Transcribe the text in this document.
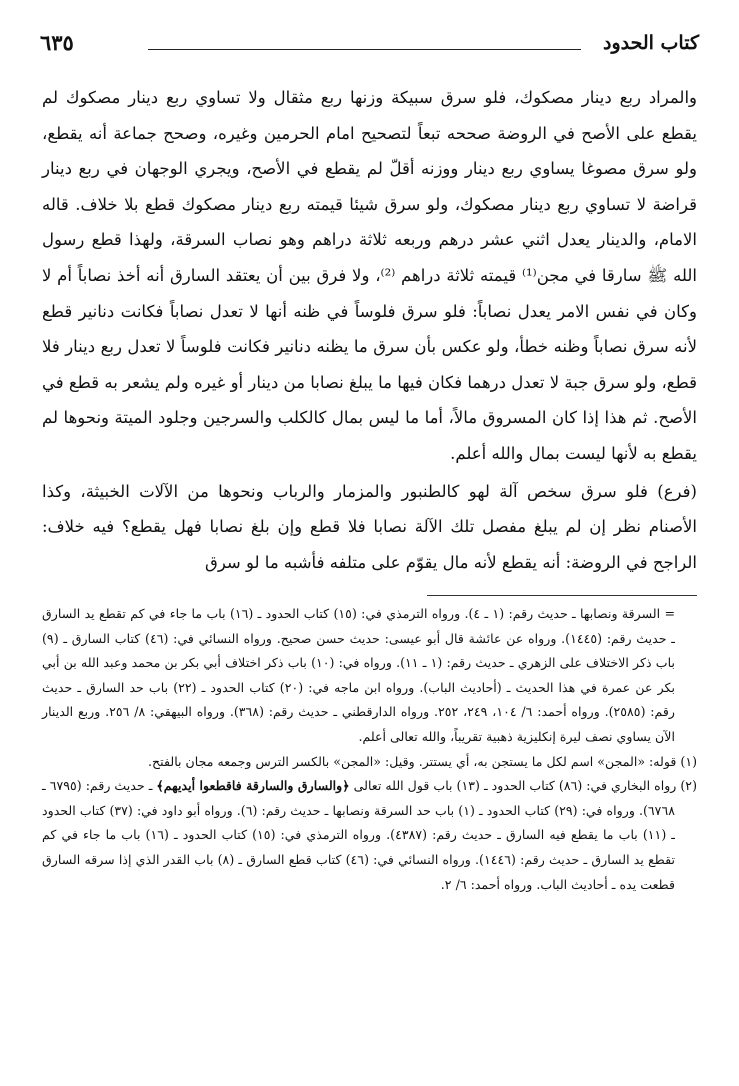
كتاب الحدود
٦٣٥

والمراد ربع دينار مصكوك، فلو سرق سبيكة وزنها ربع مثقال ولا تساوي ربع دينار مصكوك لم يقطع على الأصح في الروضة صححه تبعاً لتصحيح امام الحرمين وغيره، وصحح جماعة أنه يقطع، ولو سرق مصوغا يساوي ربع دينار ووزنه أقلّ لم يقطع في الأصح، ويجري الوجهان في ربع دينار قراضة لا تساوي ربع دينار مصكوك، ولو سرق شيئا قيمته ربع دينار مصكوك قطع بلا خلاف. قاله الامام، والدينار يعدل اثني عشر درهم وربعه ثلاثة دراهم وهو نصاب السرقة، ولهذا قطع رسول الله ﷺ سارقا في مجن⁽¹⁾ قيمته ثلاثة دراهم ⁽²⁾، ولا فرق بين أن يعتقد السارق أنه أخذ نصاباً أم لا وكان في نفس الامر يعدل نصاباً: فلو سرق فلوساً في ظنه أنها لا تعدل نصاباً فكانت دنانير قطع لأنه سرق نصاباً وظنه خطأ، ولو عكس بأن سرق ما يظنه دنانير فكانت فلوساً لا تعدل ربع دينار فلا قطع، ولو سرق جبة لا تعدل درهما فكان فيها ما يبلغ نصابا من دينار أو غيره ولم يشعر به قطع في الأصح. ثم هذا إذا كان المسروق مالاً، أما ما ليس بمال كالكلب والسرجين وجلود الميتة ونحوها لم يقطع به لأنها ليست بمال والله أعلم.

(فرع) فلو سرق سخص آلة لهو كالطنبور والمزمار والرباب ونحوها من الآلات الخبيثة، وكذا الأصنام نظر إن لم يبلغ مفصل تلك الآلة نصابا فلا قطع وإن بلغ نصابا فهل يقطع؟ فيه خلاف: الراجح في الروضة: أنه يقطع لأنه مال يقوّم على متلفه فأشبه ما لو سرق

= السرقة ونصابها ـ حديث رقم: (١ ـ ٤). ورواه الترمذي في: (١٥) كتاب الحدود ـ (١٦) باب ما جاء في كم تقطع يد السارق ـ حديث رقم: (١٤٤٥). ورواه عن عائشة قال أبو عيسى: حديث حسن صحيح. ورواه النسائي في: (٤٦) كتاب السارق ـ (٩) باب ذكر الاختلاف على الزهري ـ حديث رقم: (١ ـ ١١). ورواه في: (١٠) باب ذكر اختلاف أبي بكر بن محمد وعبد الله بن أبي بكر عن عمرة في هذا الحديث ـ (أحاديث الباب). ورواه ابن ماجه في: (٢٠) كتاب الحدود ـ (٢٢) باب حد السارق ـ حديث رقم: (٢٥٨٥). ورواه أحمد: ٦/ ١٠٤، ٢٤٩، ٢٥٢. ورواه الدارقطني ـ حديث رقم: (٣٦٨). ورواه البيهقي: ٨/ ٢٥٦. وربع الدينار الآن يساوي نصف ليرة إنكليزية ذهبية تقريباً، والله تعالى أعلم.

(١) قوله: «المجن» اسم لكل ما يستجن به، أي يستتر. وقيل: «المجن» بالكسر الترس وجمعه مجان بالفتح.

(٢) رواه البخاري في: (٨٦) كتاب الحدود ـ (١٣) باب قول الله تعالى ﴿والسارق والسارقة فاقطعوا أيديهم﴾ ـ حديث رقم: (٦٧٩٥ ـ ٦٧٦٨). ورواه في: (٢٩) كتاب الحدود ـ (١) باب حد السرقة ونصابها ـ حديث رقم: (٦). ورواه أبو داود في: (٣٧) كتاب الحدود ـ (١١) باب ما يقطع فيه السارق ـ حديث رقم: (٤٣٨٧). ورواه الترمذي في: (١٥) كتاب الحدود ـ (١٦) باب ما جاء في كم تقطع يد السارق ـ حديث رقم: (١٤٤٦). ورواه النسائي في: (٤٦) كتاب قطع السارق ـ (٨) باب القدر الذي إذا سرقه السارق قطعت يده ـ أحاديث الباب. ورواه أحمد: ٦/ ٢.
